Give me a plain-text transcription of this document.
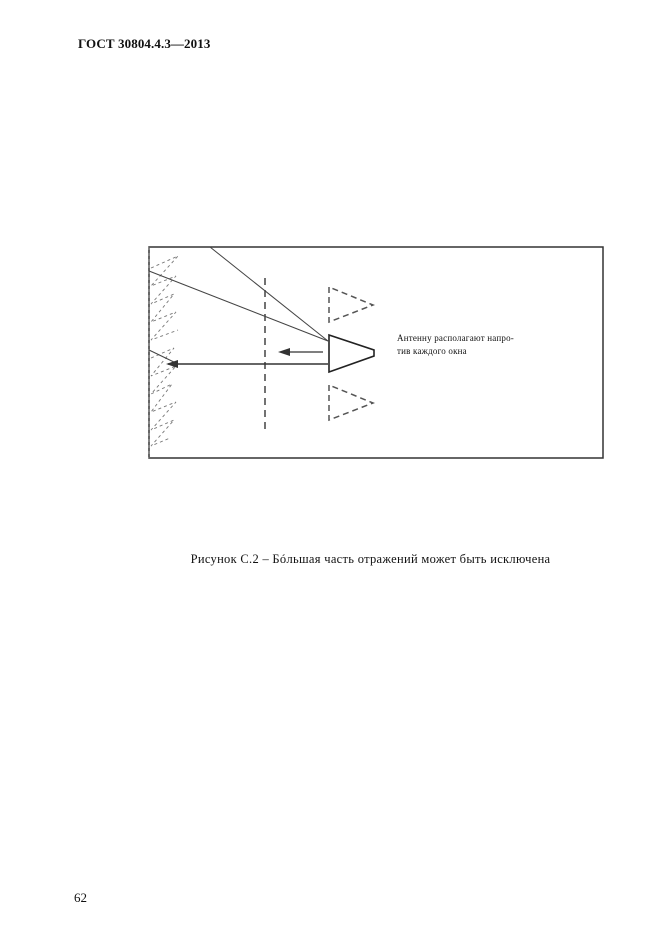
ГОСТ 30804.4.3—2013
Антенну располагают напро-
тив каждого окна
Рисунок С.2 – Бóльшая часть отражений может быть исключена
62
